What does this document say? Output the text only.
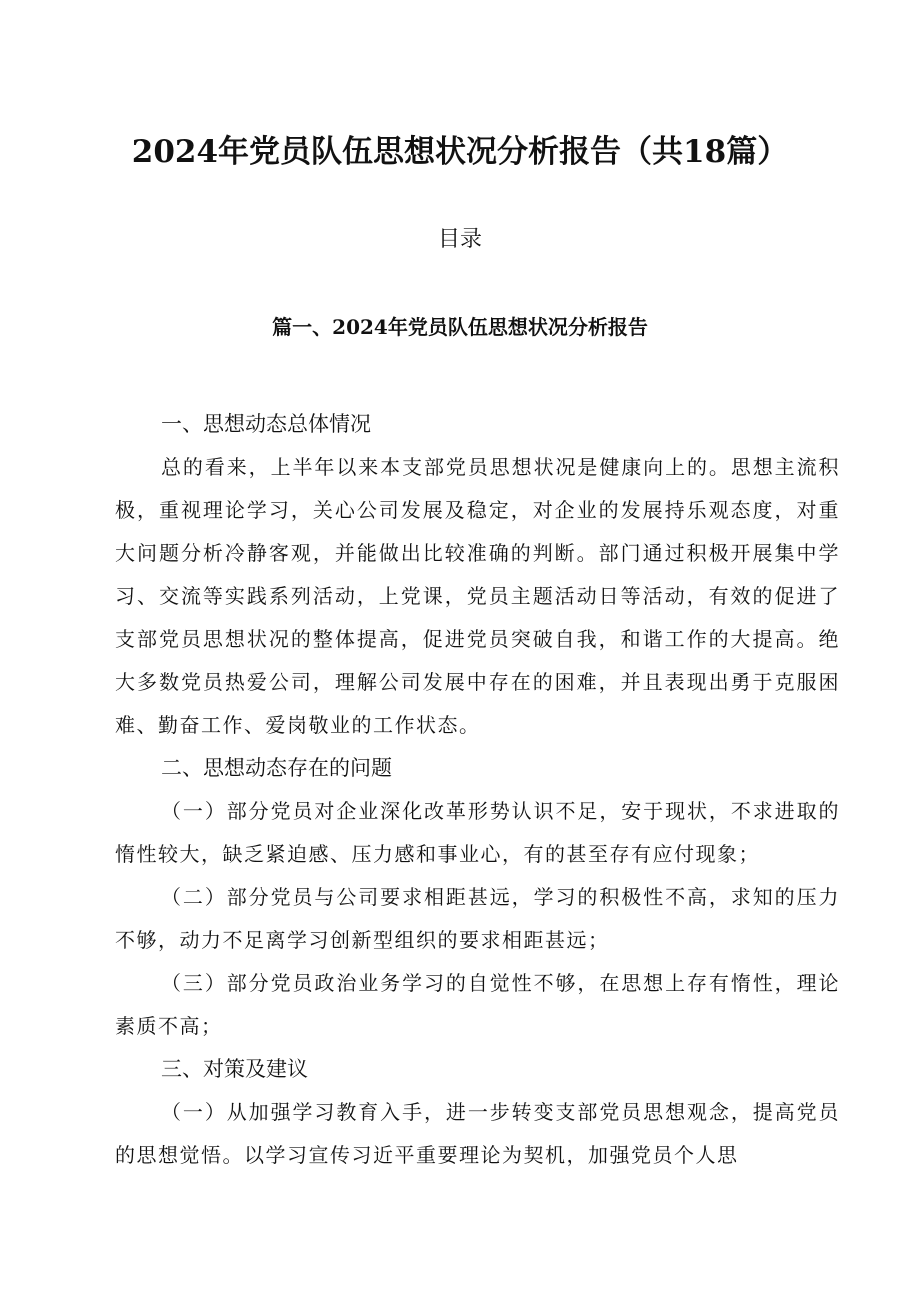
2024年党员队伍思想状况分析报告（共18篇）
目录
篇一、2024年党员队伍思想状况分析报告
一、思想动态总体情况

总的看来，上半年以来本支部党员思想状况是健康向上的。思想主流积极，重视理论学习，关心公司发展及稳定，对企业的发展持乐观态度，对重大问题分析冷静客观，并能做出比较准确的判断。部门通过积极开展集中学习、交流等实践系列活动，上党课，党员主题活动日等活动，有效的促进了支部党员思想状况的整体提高，促进党员突破自我，和谐工作的大提高。绝大多数党员热爱公司，理解公司发展中存在的困难，并且表现出勇于克服困难、勤奋工作、爱岗敬业的工作状态。

二、思想动态存在的问题

（一）部分党员对企业深化改革形势认识不足，安于现状，不求进取的惰性较大，缺乏紧迫感、压力感和事业心，有的甚至存有应付现象；

（二）部分党员与公司要求相距甚远，学习的积极性不高，求知的压力不够，动力不足离学习创新型组织的要求相距甚远；

（三）部分党员政治业务学习的自觉性不够，在思想上存有惰性，理论素质不高；

三、对策及建议

（一）从加强学习教育入手，进一步转变支部党员思想观念，提高党员的思想觉悟。以学习宣传习近平重要理论为契机，加强党员个人思
